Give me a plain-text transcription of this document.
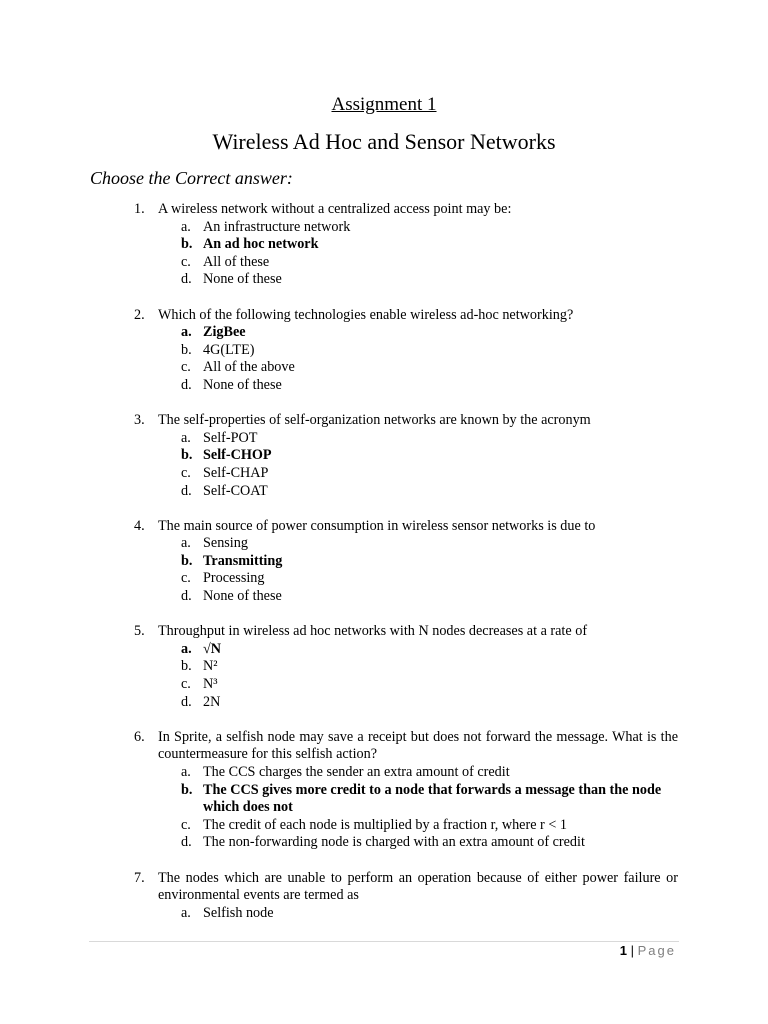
Assignment 1
Wireless Ad Hoc and Sensor Networks
Choose the Correct answer:
1. A wireless network without a centralized access point may be:
a. An infrastructure network
b. An ad hoc network
c. All of these
d. None of these
2. Which of the following technologies enable wireless ad-hoc networking?
a. ZigBee
b. 4G(LTE)
c. All of the above
d. None of these
3. The self-properties of self-organization networks are known by the acronym
a. Self-POT
b. Self-CHOP
c. Self-CHAP
d. Self-COAT
4. The main source of power consumption in wireless sensor networks is due to
a. Sensing
b. Transmitting
c. Processing
d. None of these
5. Throughput in wireless ad hoc networks with N nodes decreases at a rate of
a. √N
b. N²
c. N³
d. 2N
6. In Sprite, a selfish node may save a receipt but does not forward the message. What is the countermeasure for this selfish action?
a. The CCS charges the sender an extra amount of credit
b. The CCS gives more credit to a node that forwards a message than the node which does not
c. The credit of each node is multiplied by a fraction r, where r < 1
d. The non-forwarding node is charged with an extra amount of credit
7. The nodes which are unable to perform an operation because of either power failure or environmental events are termed as
a. Selfish node
1 | Page
